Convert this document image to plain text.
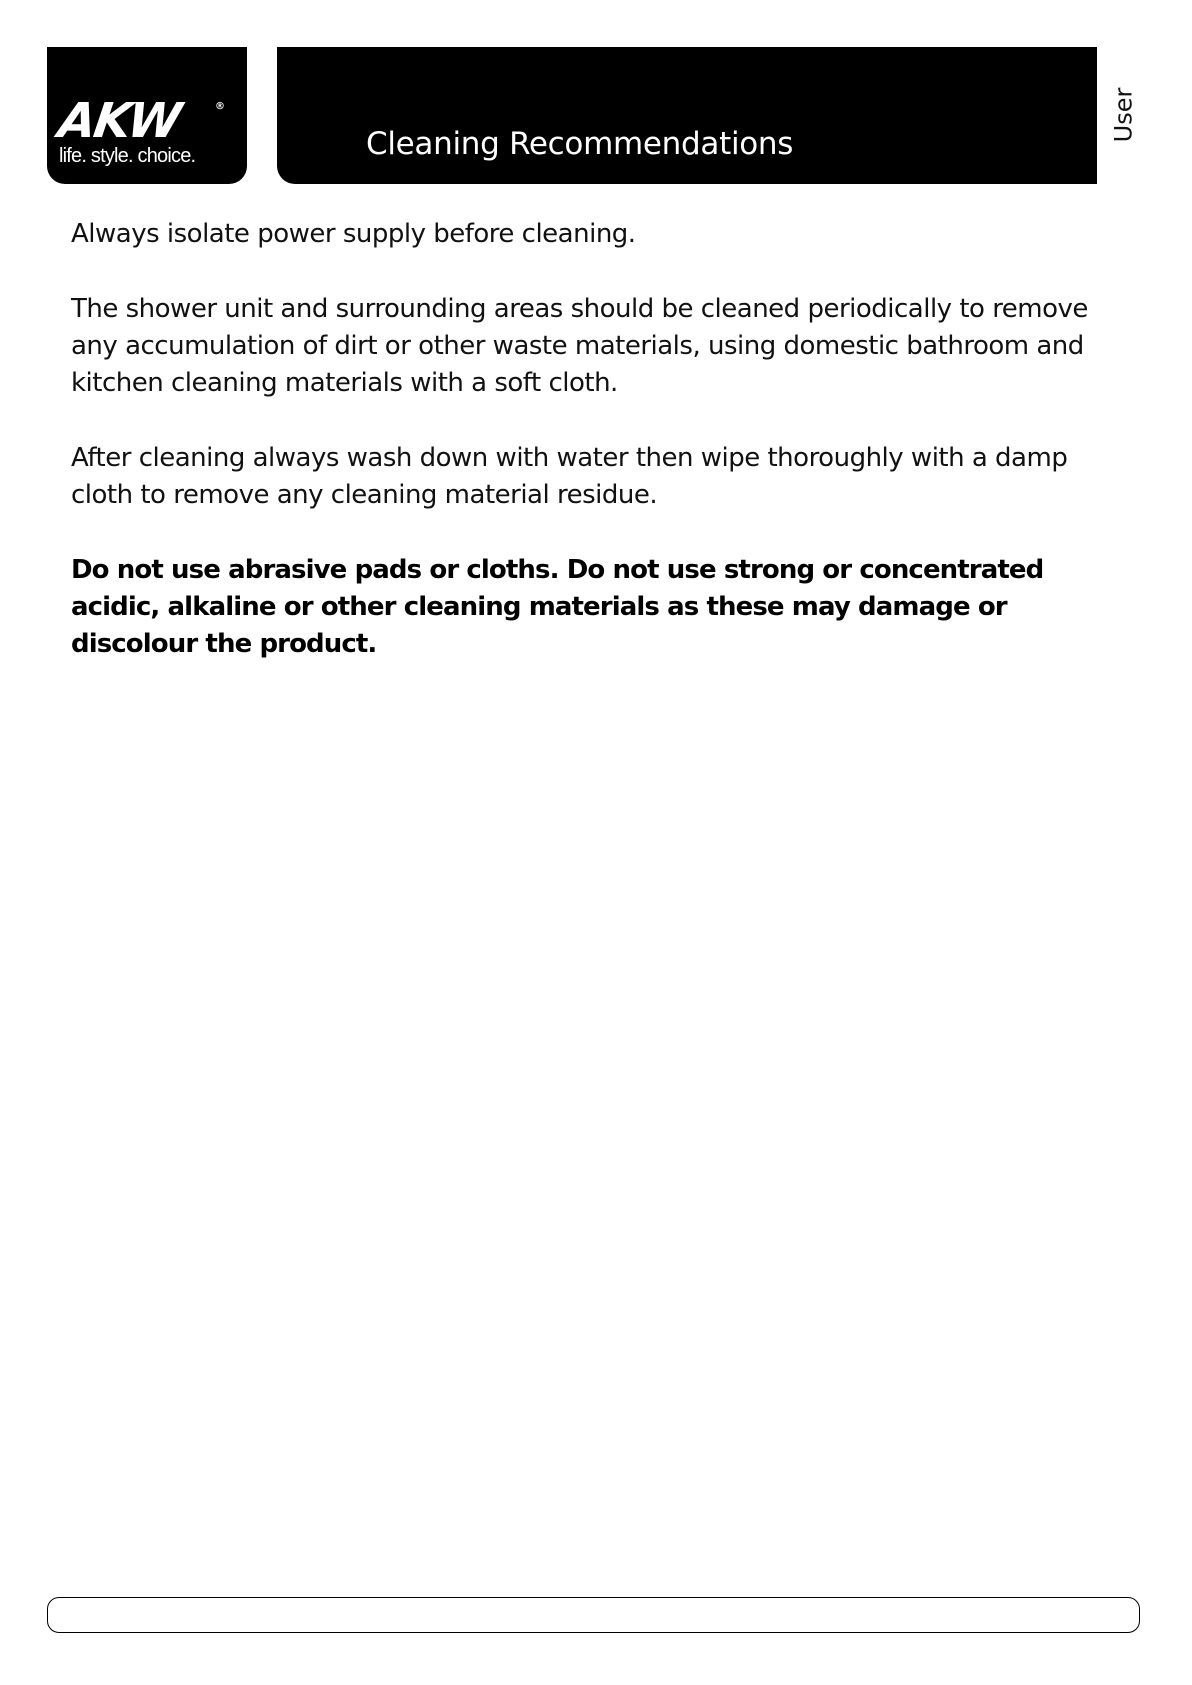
AKW	®
life. style. choice.	Cleaning Recommendations
User

Always isolate power supply before cleaning.

The shower unit and surrounding areas should be cleaned periodically to remove any accumulation of dirt or other waste materials, using domestic bathroom and kitchen cleaning materials with a soft cloth.

After cleaning always wash down with water then wipe thoroughly with a damp cloth to remove any cleaning material residue.

Do not use abrasive pads or cloths. Do not use strong or concentrated acidic, alkaline or other cleaning materials as these may damage or discolour the product.
